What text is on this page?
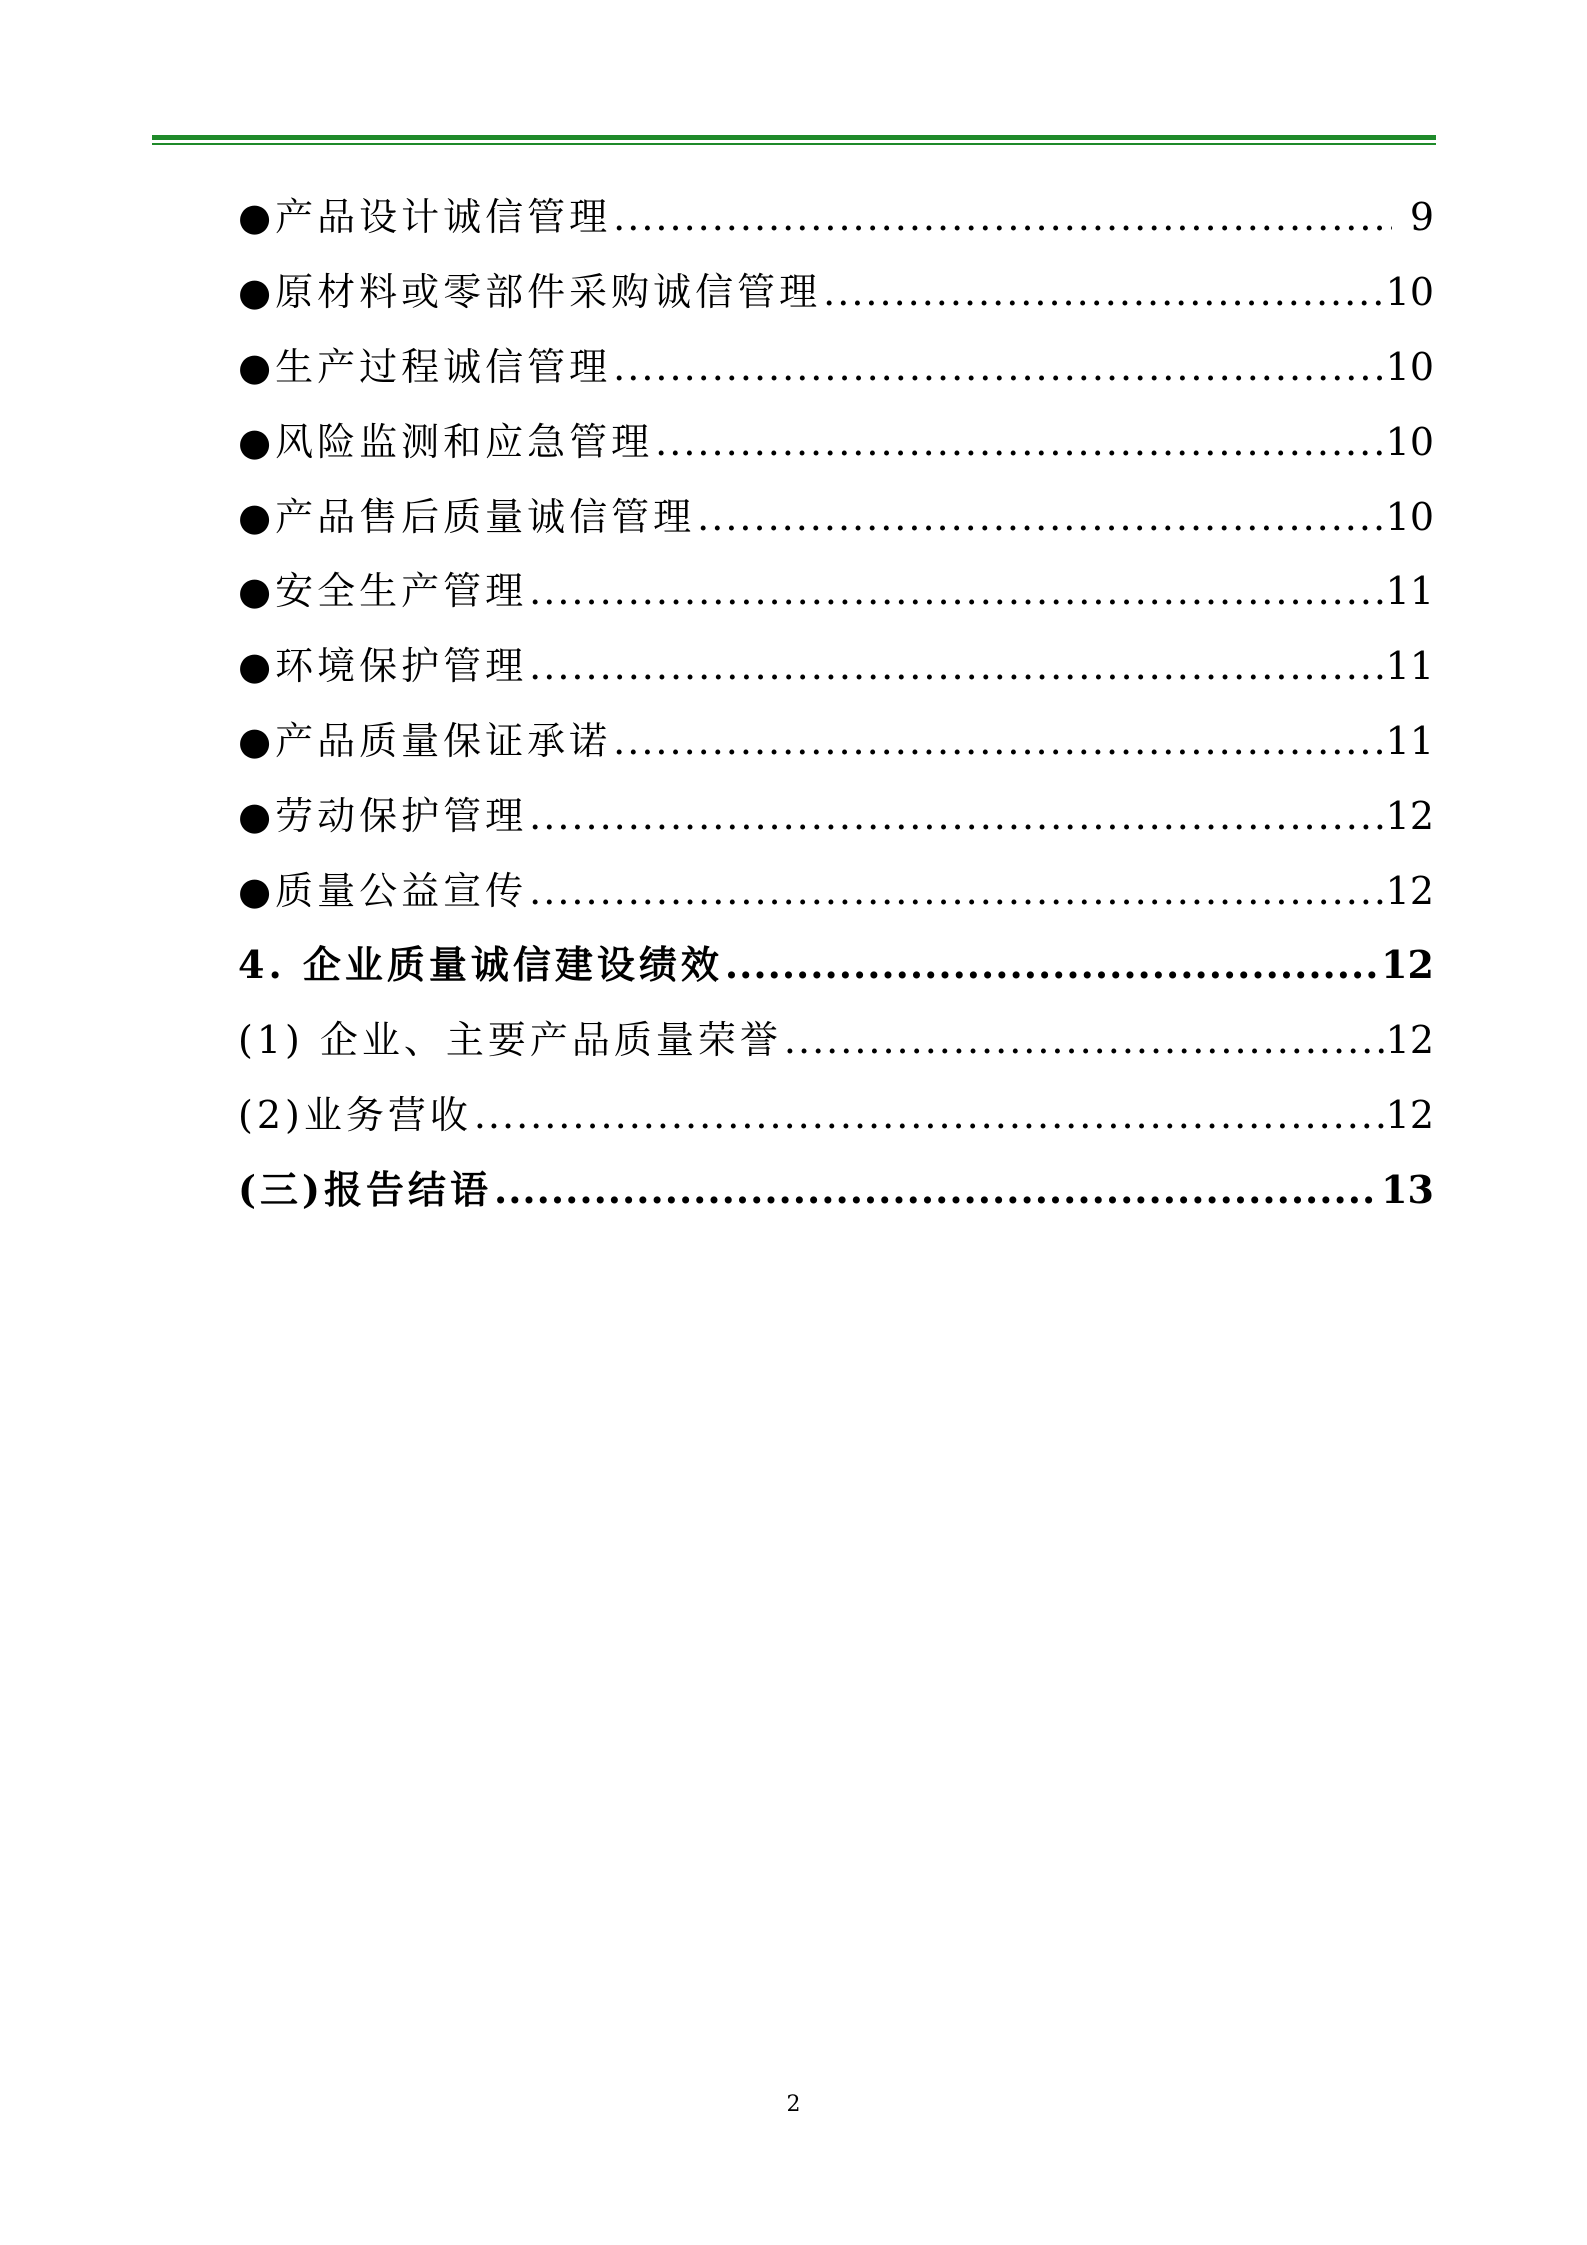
●产品设计诚信管理 .....	9
●原材料或零部件采购诚信管理 .....	10
●生产过程诚信管理 .....	10
●风险监测和应急管理 .....	10
●产品售后质量诚信管理 .....	10
●安全生产管理 .....	11
●环境保护管理 .....	11
●产品质量保证承诺 .....	11
●劳动保护管理 .....	12
●质量公益宣传 .....	12
4. 企业质量诚信建设绩效 .....	12
(1) 企业、主要产品质量荣誉 .....	12
(2)业务营收 .....	12
(三)报告结语 .....	13
2
